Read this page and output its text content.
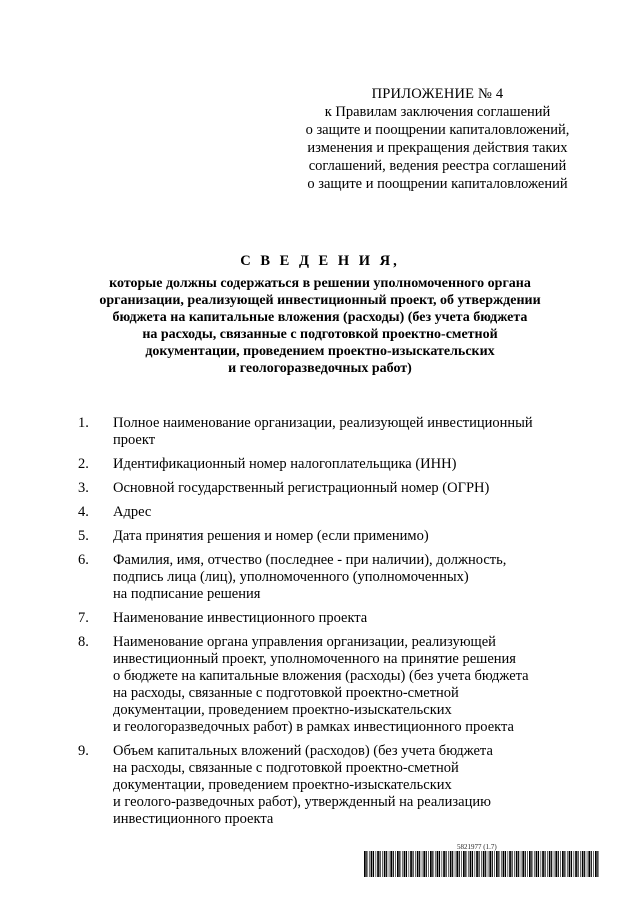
ПРИЛОЖЕНИЕ № 4
к Правилам заключения соглашений
о защите и поощрении капиталовложений,
изменения и прекращения действия таких
соглашений, ведения реестра соглашений
о защите и поощрении капиталовложений
С В Е Д Е Н И Я,
которые должны содержаться в решении уполномоченного органа
организации, реализующей инвестиционный проект, об утверждении
бюджета на капитальные вложения (расходы) (без учета бюджета
на расходы, связанные с подготовкой проектно-сметной
документации, проведением проектно-изыскательских
и геологоразведочных работ)
1.	Полное наименование организации, реализующей инвестиционный
проект
2.	Идентификационный номер налогоплательщика (ИНН)
3.	Основной государственный регистрационный номер (ОГРН)
4.	Адрес
5.	Дата принятия решения и номер (если применимо)
6.	Фамилия, имя, отчество (последнее - при наличии), должность,
подпись лица (лиц), уполномоченного (уполномоченных)
на подписание решения
7.	Наименование инвестиционного проекта
8.	Наименование органа управления организации, реализующей
инвестиционный проект, уполномоченного на принятие решения
о бюджете на капитальные вложения (расходы) (без учета бюджета
на расходы, связанные с подготовкой проектно-сметной
документации, проведением проектно-изыскательских
и геологоразведочных работ) в рамках инвестиционного проекта
9.	Объем капитальных вложений (расходов) (без учета бюджета
на расходы, связанные с подготовкой проектно-сметной
документации, проведением проектно-изыскательских
и геолого-разведочных работ), утвержденный на реализацию
инвестиционного проекта
5821977 (1.7)
